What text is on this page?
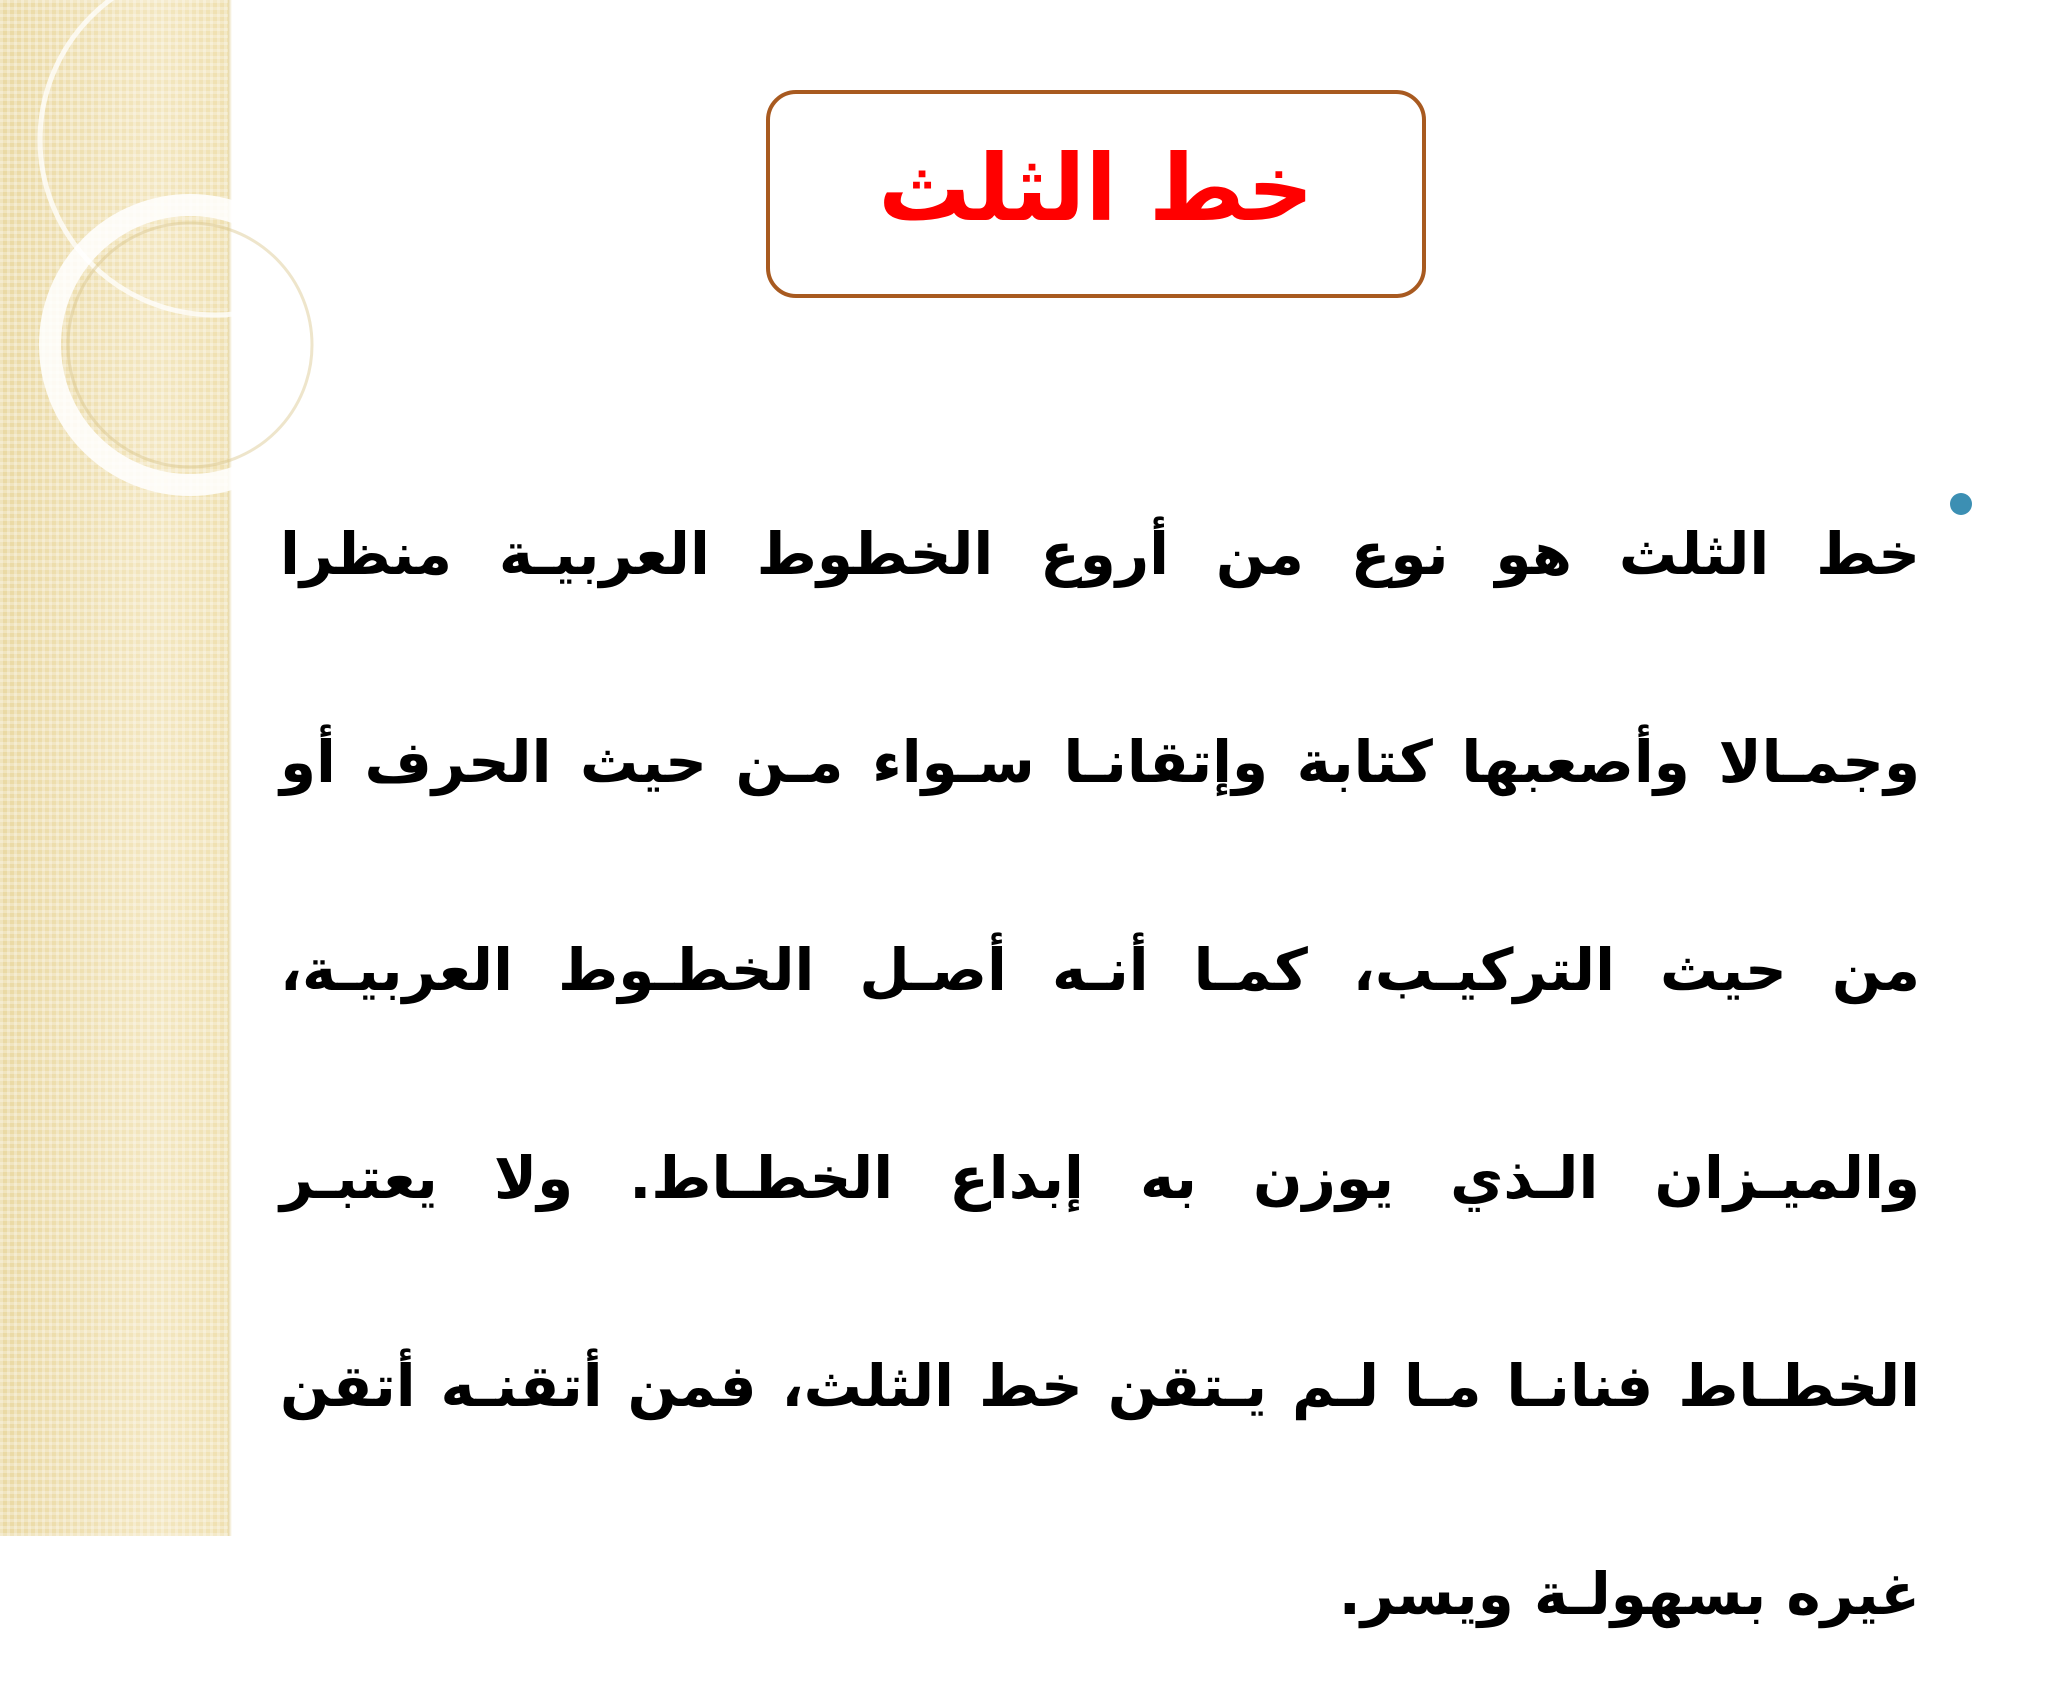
خط الثلث
خط الثلث هو نوع من أروع الخطوط العربيـة منظرا وجمـالا وأصعبها كتابة وإتقانـا سـواء مـن حيث الحرف أو من حيث التركيـب، كمـا أنـه أصـل الخطـوط العربيـة، والميـزان الـذي يوزن به إبداع الخطـاط. ولا يعتبـر الخطـاط فنانـا مـا لـم يـتقن خط الثلث، فمن أتقنـه أتقن غيره بسهولـة ويسر.
